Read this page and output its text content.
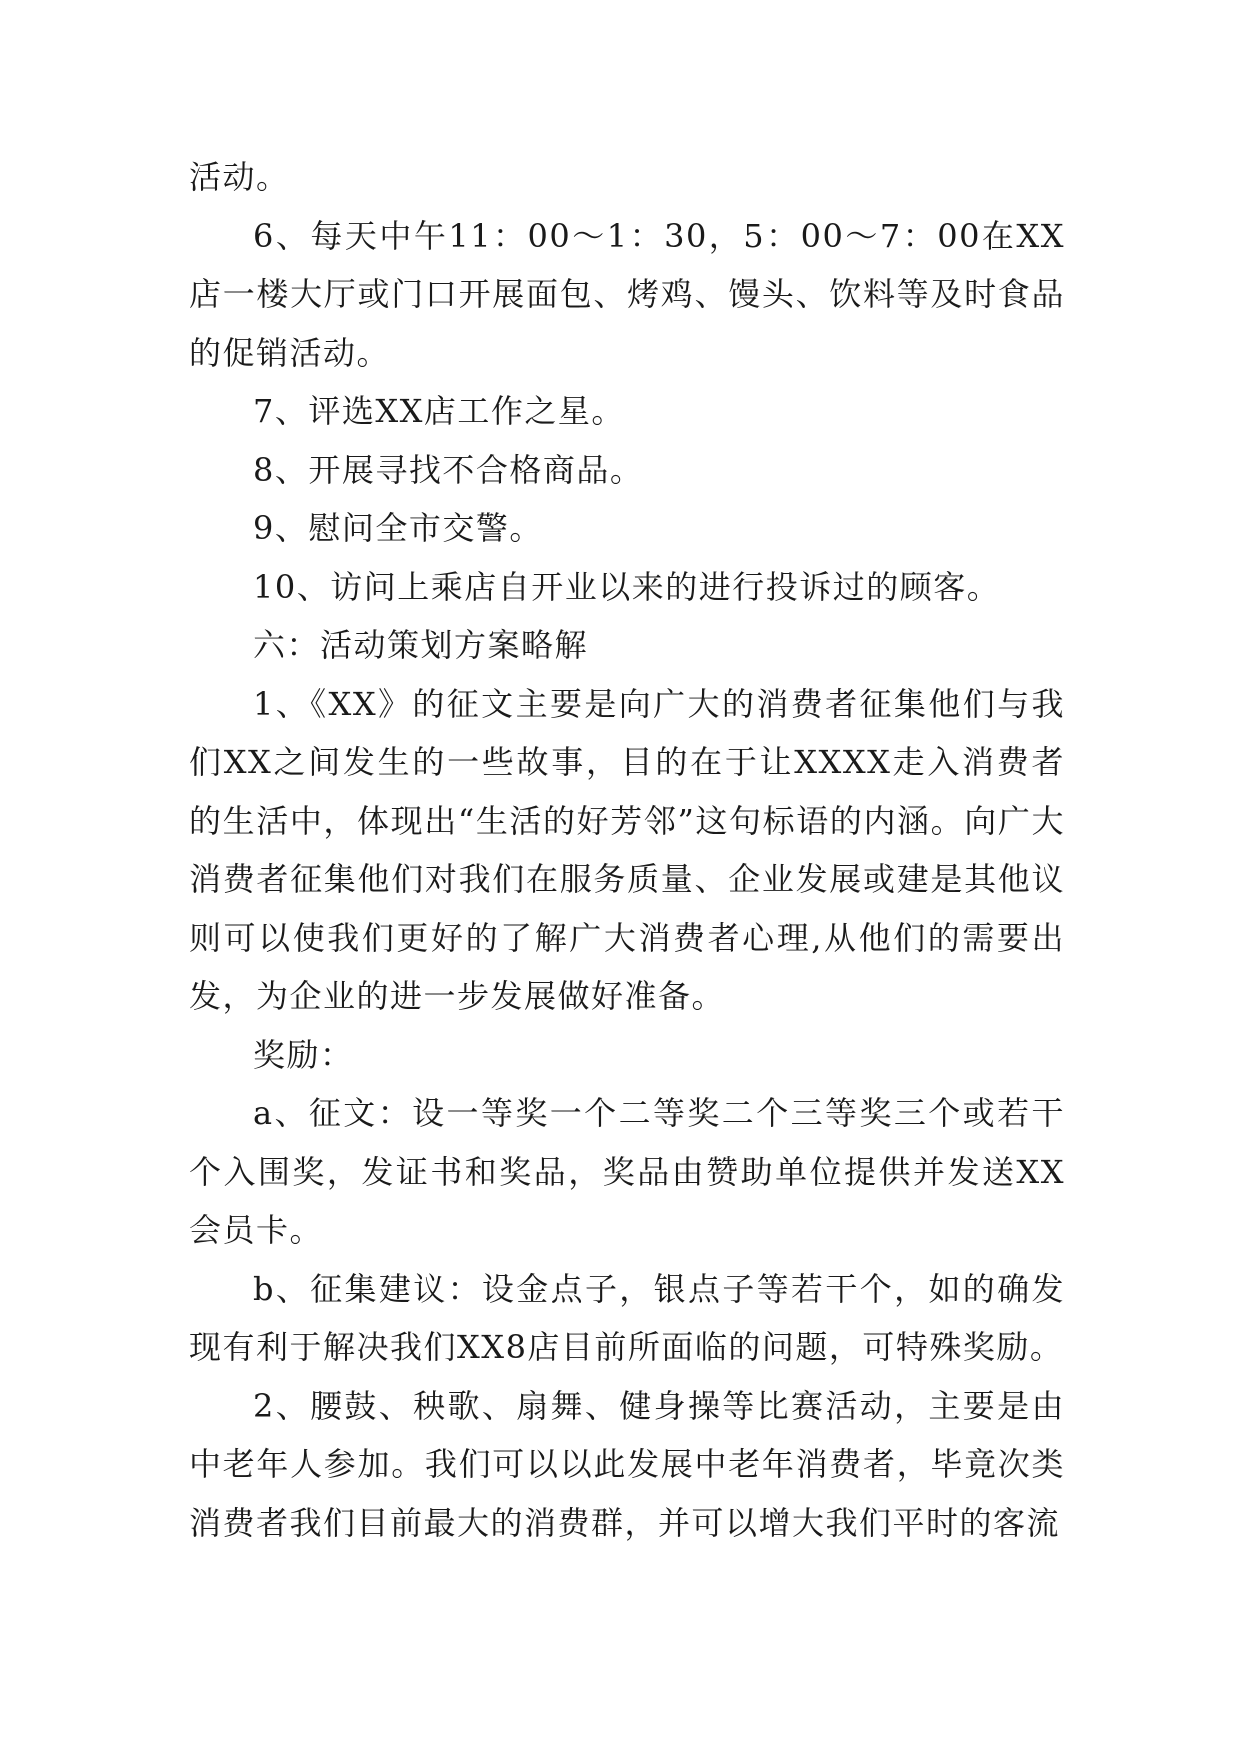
活动。

6、每天中午11：00～1：30，5：00～7：00在XX店一楼大厅或门口开展面包、烤鸡、馒头、饮料等及时食品的促销活动。

7、评选XX店工作之星。

8、开展寻找不合格商品。

9、慰问全市交警。

10、访问上乘店自开业以来的进行投诉过的顾客。

六：活动策划方案略解

1、《XX》的征文主要是向广大的消费者征集他们与我们XX之间发生的一些故事，目的在于让XXXX走入消费者的生活中，体现出“生活的好芳邻”这句标语的内涵。向广大消费者征集他们对我们在服务质量、企业发展或建是其他议则可以使我们更好的了解广大消费者心理,从他们的需要出发，为企业的进一步发展做好准备。

奖励：

a、征文：设一等奖一个二等奖二个三等奖三个或若干个入围奖，发证书和奖品，奖品由赞助单位提供并发送XX会员卡。

b、征集建议：设金点子，银点子等若干个，如的确发现有利于解决我们XX8店目前所面临的问题，可特殊奖励。

2、腰鼓、秧歌、扇舞、健身操等比赛活动，主要是由中老年人参加。我们可以以此发展中老年消费者，毕竟次类消费者我们目前最大的消费群，并可以增大我们平时的客流
